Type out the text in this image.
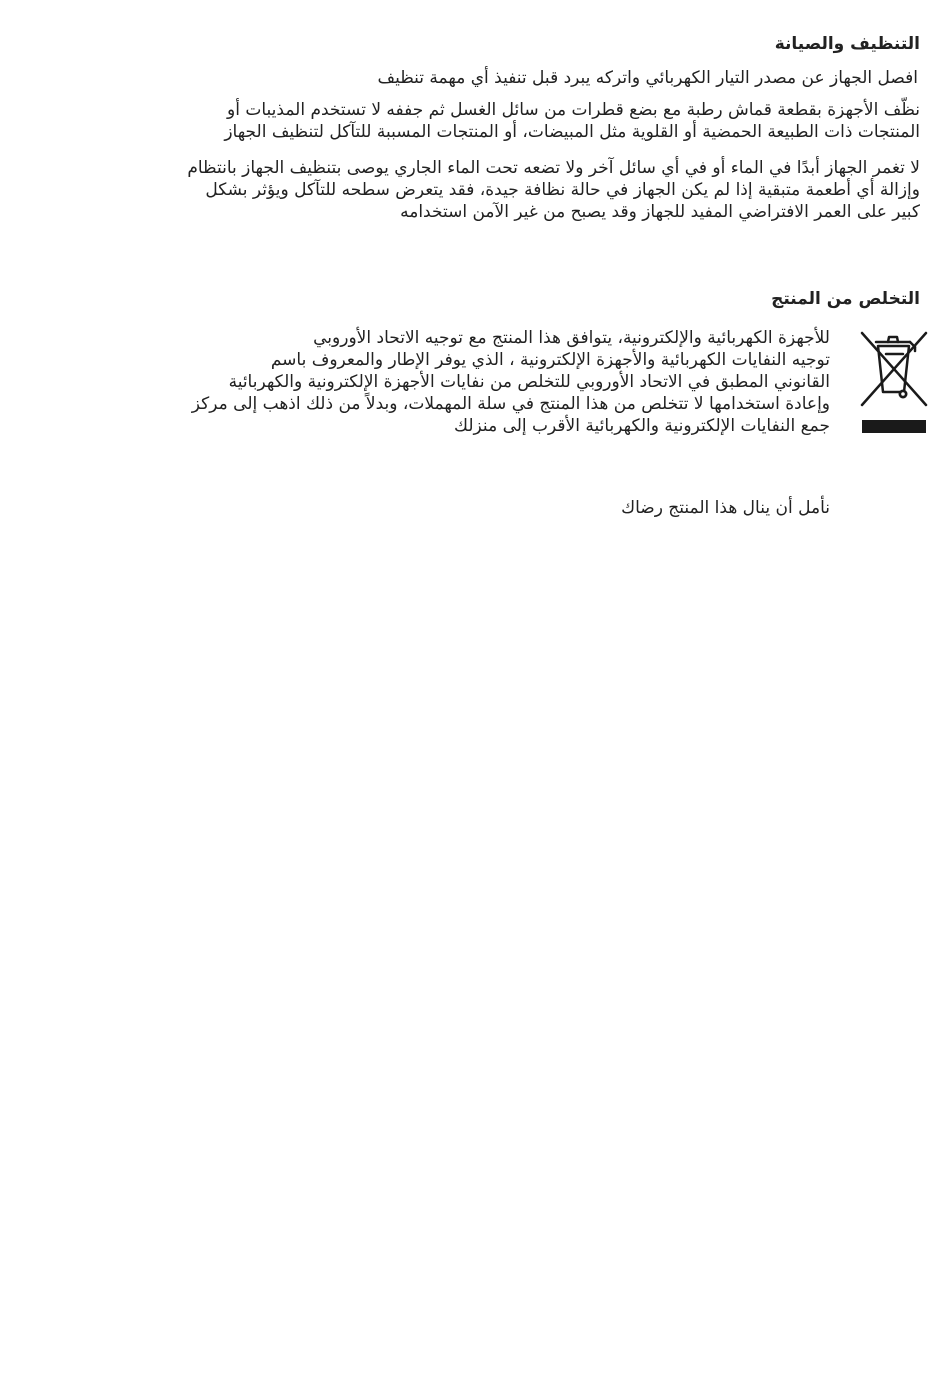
التنظيف والصيانة
افصل الجهاز عن مصدر التيار الكهربائي واتركه يبرد قبل تنفيذ أي مهمة تنظيف
نظّف الأجهزة بقطعة قماش رطبة مع بضع قطرات من سائل الغسل ثم جففه لا تستخدم المذيبات أو
المنتجات ذات الطبيعة الحمضية أو القلوية مثل المبيضات، أو المنتجات المسببة للتآكل لتنظيف الجهاز
لا تغمر الجهاز أبدًا في الماء أو في أي سائل آخر ولا تضعه تحت الماء الجاري يوصى بتنظيف الجهاز بانتظام
وإزالة أي أطعمة متبقية إذا لم يكن الجهاز في حالة نظافة جيدة، فقد يتعرض سطحه للتآكل ويؤثر بشكل
كبير على العمر الافتراضي المفيد للجهاز وقد يصبح من غير الآمن استخدامه
التخلص من المنتج
للأجهزة الكهربائية والإلكترونية، يتوافق هذا المنتج مع توجيه الاتحاد الأوروبي
توجيه النفايات الكهربائية والأجهزة الإلكترونية ، الذي يوفر الإطار والمعروف باسم
القانوني المطبق في الاتحاد الأوروبي للتخلص من نفايات الأجهزة الإلكترونية والكهربائية
وإعادة استخدامها لا تتخلص من هذا المنتج في سلة المهملات، وبدلاً من ذلك اذهب إلى مركز
جمع النفايات الإلكترونية والكهربائية الأقرب إلى منزلك
نأمل أن ينال هذا المنتج رضاك
